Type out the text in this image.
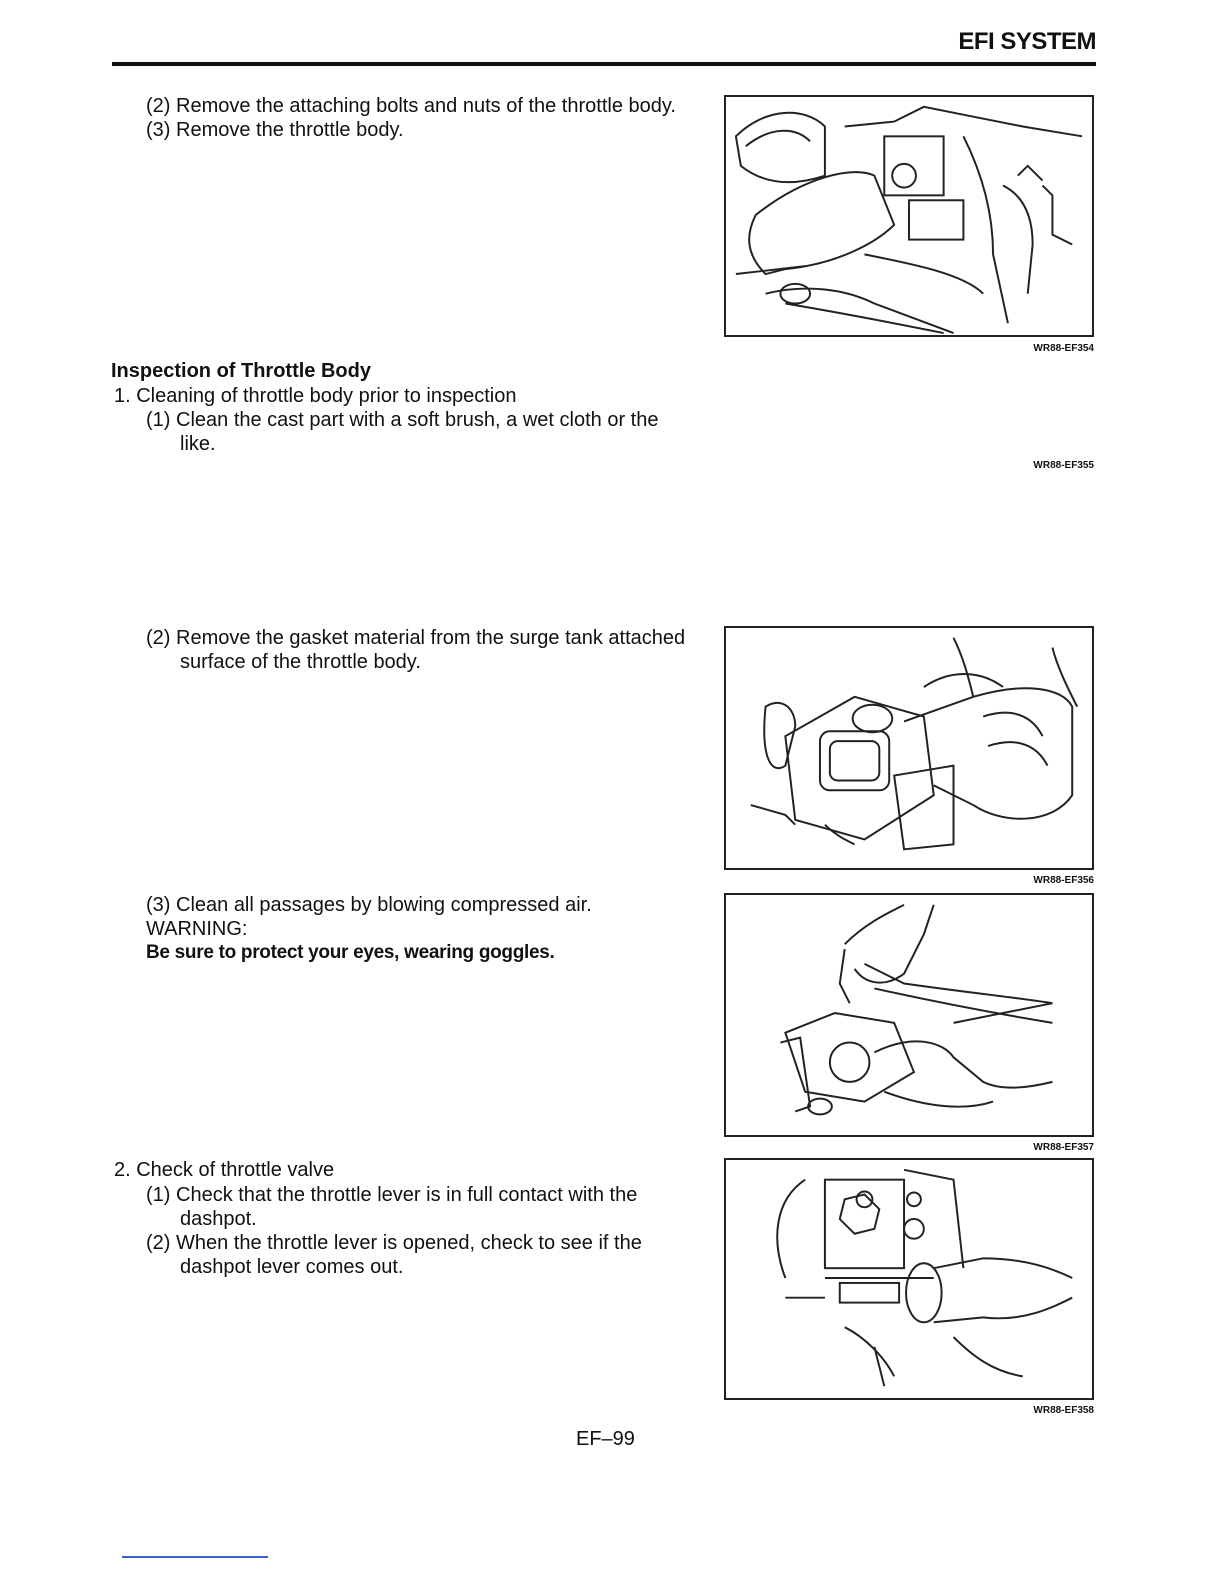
EFI SYSTEM
(2) Remove the attaching bolts and nuts of the throttle body.
(3) Remove the throttle body.
WR88-EF354
Inspection of Throttle Body
1. Cleaning of throttle body prior to inspection
(1) Clean the cast part with a soft brush, a wet cloth or the
like.
WR88-EF355
(2) Remove the gasket material from the surge tank attached
surface of the throttle body.
WR88-EF356
(3) Clean all passages by blowing compressed air.
WARNING:
Be sure to protect your eyes, wearing goggles.
WR88-EF357
2. Check of throttle valve
(1) Check that the throttle lever is in full contact with the
dashpot.
(2) When the throttle lever is opened, check to see if the
dashpot lever comes out.
WR88-EF358
EF–99
